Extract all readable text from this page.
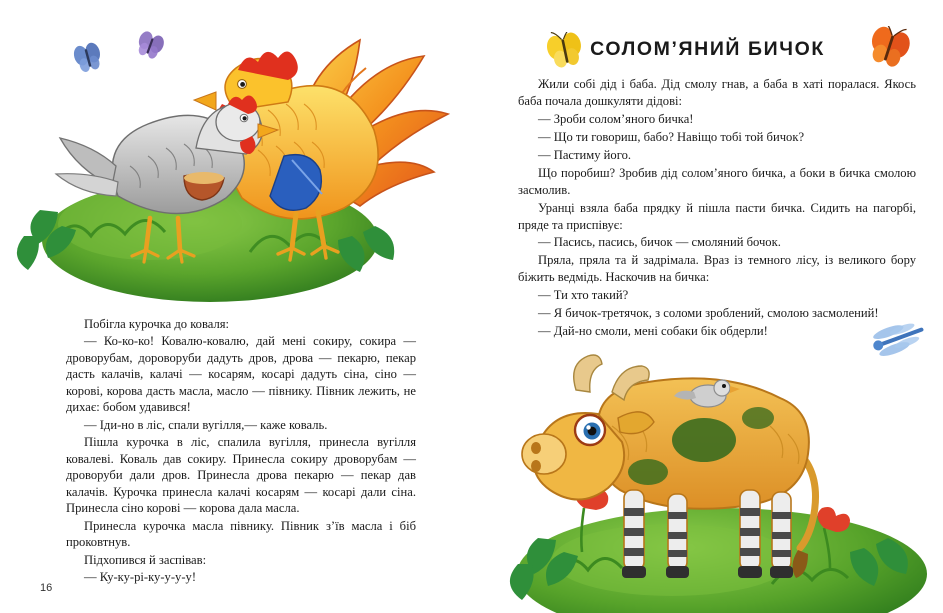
Побігла курочка до коваля:

— Ко-ко-ко! Ковалю-ковалю, дай мені сокиру, сокира — дроворубам, дороворуби дадуть дров, дрова — пекарю, пекар дасть калачів, калачі — косарям, косарі дадуть сіна, сіно — корові, корова дасть масла, масло — півнику. Півник лежить, не дихає: бобом удавився!

— Іди-но в ліс, спали вугілля,— каже коваль.

Пішла курочка в ліс, спалила вугілля, принесла вугілля ковалеві. Коваль дав сокиру. Принесла сокиру дроворубам — дроворуби дали дров. Принесла дрова пекарю — пекар дав калачів. Курочка принесла калачі косарям — косарі дали сіна. Принесла сіно корові — корова дала масла.

Принесла курочка масла півнику. Півник з’їв масла і біб проковтнув.

Підхопився й заспівав:

— Ку-ку-рі-ку-у-у-у!

16
СОЛОМ’ЯНИЙ БИЧОК

Жили собі дід і баба. Дід смолу гнав, а баба в хаті поралася. Якось баба почала дошкуляти дідові:

— Зроби солом’яного бичка!

— Що ти говориш, бабо? Навіщо тобі той бичок?

— Пастиму його.

Що поробиш? Зробив дід солом’яного бичка, а боки в бичка смолою засмолив.

Уранці взяла баба прядку й пішла пасти бичка. Сидить на пагорбі, пряде та приспівує:

— Пасись, пасись, бичок — смоляний бочок.

Пряла, пряла та й задрімала. Враз із темного лісу, із великого бору біжить ведмідь. Наскочив на бичка:

— Ти хто такий?

— Я бичок-третячок, з соломи зроблений, смолою засмолений!

— Дай-но смоли, мені собаки бік обдерли!
